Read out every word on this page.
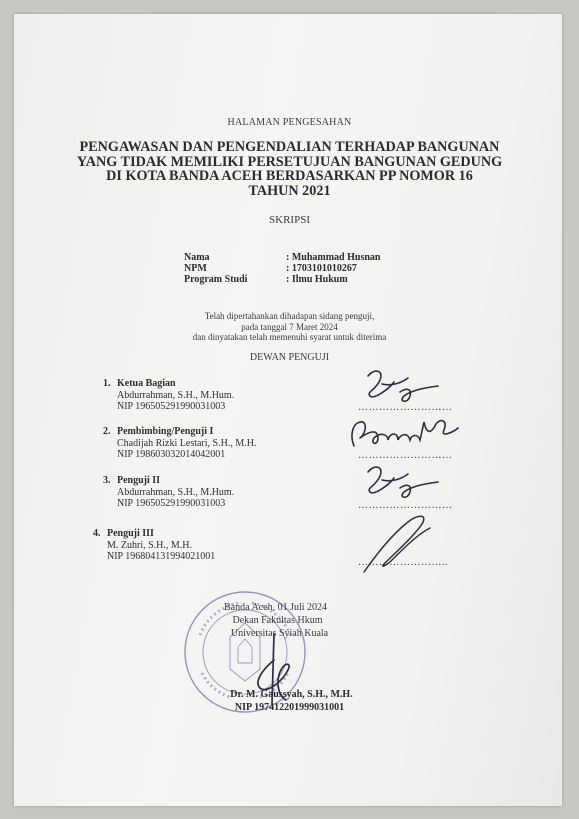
HALAMAN PENGESAHAN
PENGAWASAN DAN PENGENDALIAN TERHADAP BANGUNAN
YANG TIDAK MEMILIKI PERSETUJUAN BANGUNAN GEDUNG
DI KOTA BANDA ACEH BERDASARKAN PP NOMOR 16
TAHUN 2021
SKRIPSI
Nama	: Muhammad Husnan
NPM	: 1703101010267
Program Studi	: Ilmu Hukum
Telah dipertahankan dihadapan sidang penguji,
pada tanggal 7 Maret 2024
dan dinyatakan telah memenuhi syarat untuk diterima
DEWAN PENGUJI
1. Ketua Bagian
Abdurrahman, S.H., M.Hum.
NIP 196505291990031003	………………………
2. Pembimbing/Penguji I
Chadijah Rizki Lestari, S.H., M.H.
NIP 198603032014042001	………………………
3. Penguji II
Abdurrahman, S.H., M.Hum.
NIP 196505291990031003	………………………
4. Penguji III
M. Zuhri, S.H., M.H.
NIP 196804131994021001
……………………..
Banda Aceh, 01 Juli 2024
Dekan Fakultas Hkum
Universitas Syiah Kuala
Dr. M. Gaussyah, S.H., M.H.
NIP 197412201999031001
